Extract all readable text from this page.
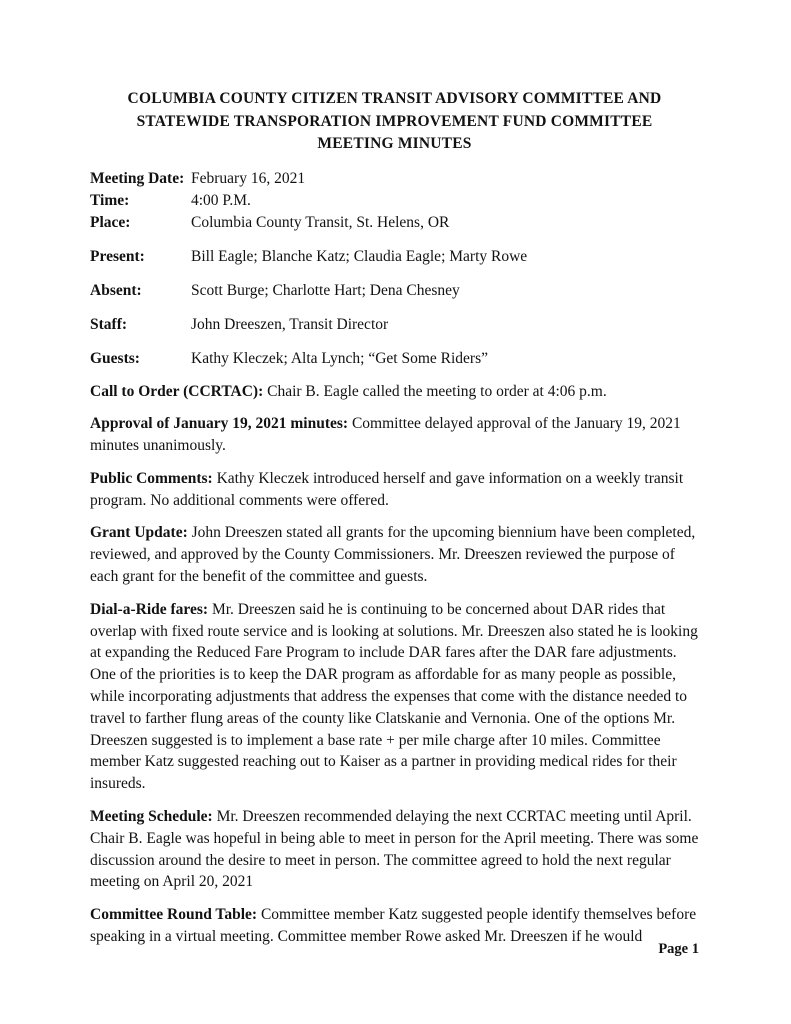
COLUMBIA COUNTY CITIZEN TRANSIT ADVISORY COMMITTEE AND
STATEWIDE TRANSPORATION IMPROVEMENT FUND COMMITTEE
MEETING MINUTES
Meeting Date: February 16, 2021
Time:	4:00 P.M.
Place:	Columbia County Transit, St. Helens, OR
Present:	Bill Eagle; Blanche Katz; Claudia Eagle; Marty Rowe
Absent:	Scott Burge; Charlotte Hart; Dena Chesney
Staff:	John Dreeszen, Transit Director
Guests:	Kathy Kleczek; Alta Lynch; “Get Some Riders”

Call to Order (CCRTAC): Chair B. Eagle called the meeting to order at 4:06 p.m.

Approval of January 19, 2021 minutes: Committee delayed approval of the January 19, 2021 minutes unanimously.

Public Comments: Kathy Kleczek introduced herself and gave information on a weekly transit program. No additional comments were offered.

Grant Update: John Dreeszen stated all grants for the upcoming biennium have been completed, reviewed, and approved by the County Commissioners. Mr. Dreeszen reviewed the purpose of each grant for the benefit of the committee and guests.

Dial-a-Ride fares: Mr. Dreeszen said he is continuing to be concerned about DAR rides that overlap with fixed route service and is looking at solutions. Mr. Dreeszen also stated he is looking at expanding the Reduced Fare Program to include DAR fares after the DAR fare adjustments. One of the priorities is to keep the DAR program as affordable for as many people as possible, while incorporating adjustments that address the expenses that come with the distance needed to travel to farther flung areas of the county like Clatskanie and Vernonia. One of the options Mr. Dreeszen suggested is to implement a base rate + per mile charge after 10 miles. Committee member Katz suggested reaching out to Kaiser as a partner in providing medical rides for their insureds.

Meeting Schedule: Mr. Dreeszen recommended delaying the next CCRTAC meeting until April. Chair B. Eagle was hopeful in being able to meet in person for the April meeting. There was some discussion around the desire to meet in person. The committee agreed to hold the next regular meeting on April 20, 2021

Committee Round Table: Committee member Katz suggested people identify themselves before speaking in a virtual meeting. Committee member Rowe asked Mr. Dreeszen if he would

Page 1
